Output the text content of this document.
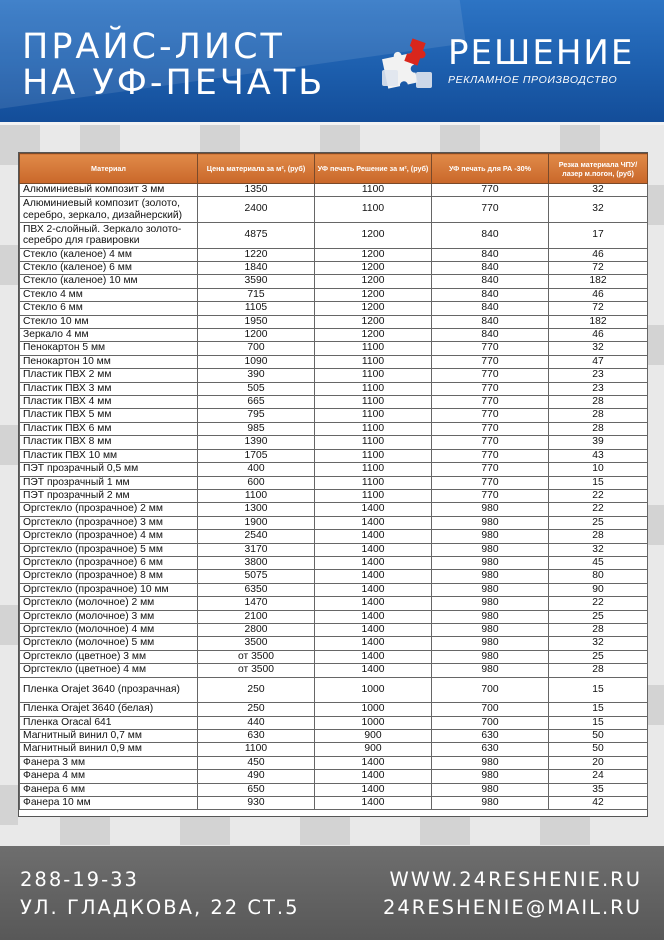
ПРАЙС-ЛИСТ
НА УФ-ПЕЧАТЬ
РЕШЕНИЕ
РЕКЛАМНОЕ ПРОИЗВОДСТВО
Материал	Цена материала за м², (руб)	УФ печать Решение за м², (руб)	УФ печать для РА -30%	Резка материала ЧПУ/лазер м.погон, (руб)
Алюминиевый композит 3 мм	1350	1100	770	32
Алюминиевый композит (золото, серебро, зеркало, дизайнерский)	2400	1100	770	32
ПВХ 2-слойный. Зеркало золото-серебро для гравировки	4875	1200	840	17
Стекло (каленое) 4 мм	1220	1200	840	46
Стекло (каленое) 6 мм	1840	1200	840	72
Стекло (каленое) 10 мм	3590	1200	840	182
Стекло 4 мм	715	1200	840	46
Стекло 6 мм	1105	1200	840	72
Стекло 10 мм	1950	1200	840	182
Зеркало 4 мм	1200	1200	840	46
Пенокартон 5 мм	700	1100	770	32
Пенокартон 10 мм	1090	1100	770	47
Пластик ПВХ 2 мм	390	1100	770	23
Пластик ПВХ 3 мм	505	1100	770	23
Пластик ПВХ 4 мм	665	1100	770	28
Пластик ПВХ 5 мм	795	1100	770	28
Пластик ПВХ 6 мм	985	1100	770	28
Пластик ПВХ 8 мм	1390	1100	770	39
Пластик ПВХ 10 мм	1705	1100	770	43
ПЭТ прозрачный 0,5 мм	400	1100	770	10
ПЭТ прозрачный 1 мм	600	1100	770	15
ПЭТ прозрачный 2 мм	1100	1100	770	22
Оргстекло (прозрачное) 2 мм	1300	1400	980	22
Оргстекло (прозрачное) 3 мм	1900	1400	980	25
Оргстекло (прозрачное) 4 мм	2540	1400	980	28
Оргстекло (прозрачное) 5 мм	3170	1400	980	32
Оргстекло (прозрачное) 6 мм	3800	1400	980	45
Оргстекло (прозрачное) 8 мм	5075	1400	980	80
Оргстекло (прозрачное) 10 мм	6350	1400	980	90
Оргстекло (молочное) 2 мм	1470	1400	980	22
Оргстекло (молочное) 3 мм	2100	1400	980	25
Оргстекло (молочное) 4 мм	2800	1400	980	28
Оргстекло (молочное) 5 мм	3500	1400	980	32
Оргстекло (цветное) 3 мм	от 3500	1400	980	25
Оргстекло (цветное) 4 мм	от 3500	1400	980	28
Пленка Orajet 3640 (прозрачная)	250	1000	700	15
Пленка Orajet 3640 (белая)	250	1000	700	15
Пленка Oracal 641	440	1000	700	15
Магнитный винил 0,7 мм	630	900	630	50
Магнитный винил 0,9 мм	1100	900	630	50
Фанера 3 мм	450	1400	980	20
Фанера 4 мм	490	1400	980	24
Фанера 6 мм	650	1400	980	35
Фанера 10 мм	930	1400	980	42
288-19-33
УЛ. ГЛАДКОВА, 22 СТ.5
WWW.24RESHENIE.RU
24RESHENIE@MAIL.RU
